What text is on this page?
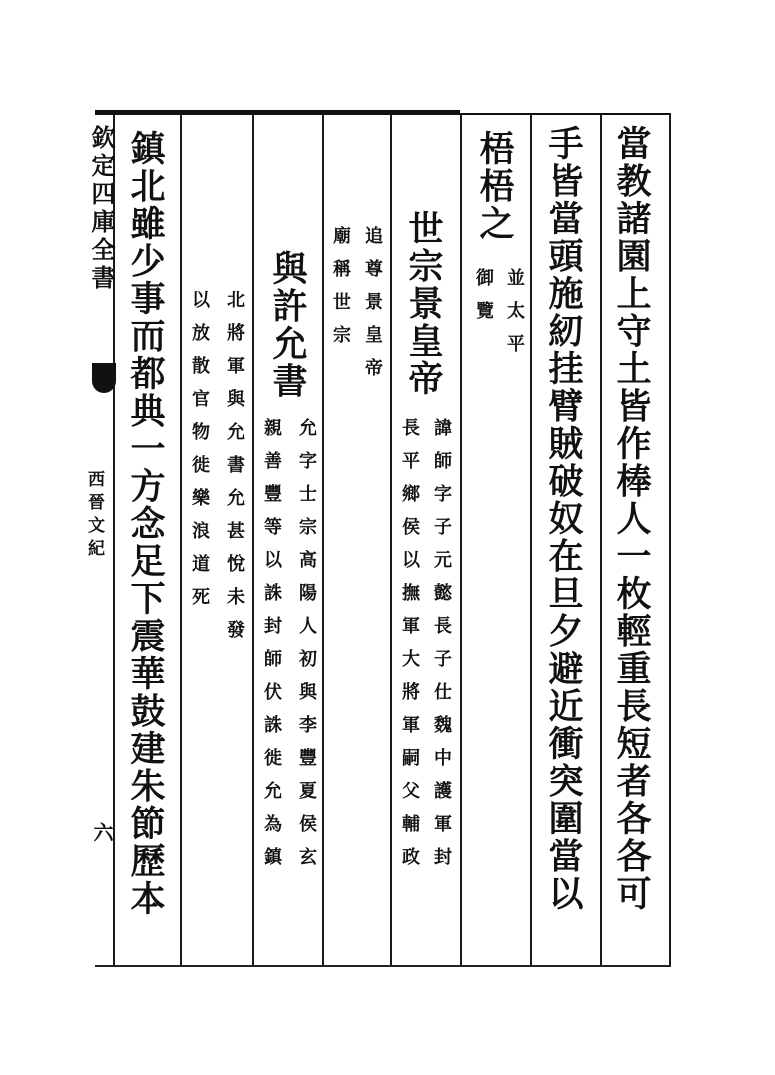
欽定四庫全書
西晉文紀
六	當教諸園上守土皆作棒人一枚輕重長短者各各可
手皆當頭施紉挂臂賊破奴在旦夕避近衝突圍當以
梧梧之
並太平
御覽
世宗景皇帝
諱師字子元懿長子仕魏中護軍封
長平鄉侯以撫軍大將軍嗣父輔政
追尊景皇帝
廟稱世宗
與許允書
允字士宗高陽人初與李豐夏侯玄
親善豐等以誅封師伏誅徙允為鎮
北將軍與允書允甚悅未發
以放散官物徙樂浪道死
鎮北雖少事而都典一方念足下震華鼓建朱節歷本
